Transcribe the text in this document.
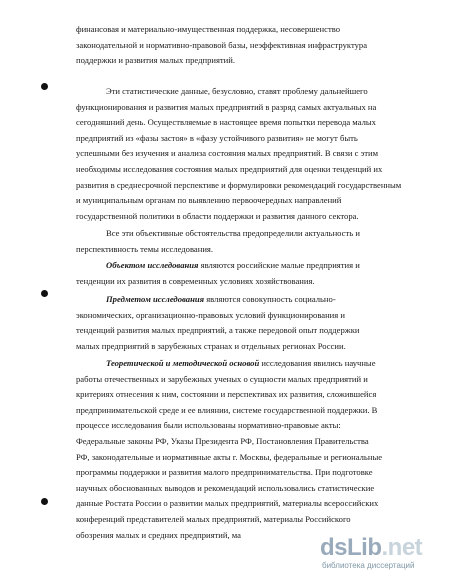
финансовая и материально-имущественная поддержка, несовершенство
законодательной и нормативно-правовой базы, неэффективная инфраструктура
поддержки и развития малых предприятий.
Эти статистические данные, безусловно, ставят проблему дальнейшего
функционирования и развития малых предприятий в разряд самых актуальных на
сегодняшний день. Осуществляемые в настоящее время попытки перевода малых
предприятий из «фазы застоя» в «фазу устойчивого развития» не могут быть
успешными без изучения и анализа состояния малых предприятий. В связи с этим
необходимы исследования состояния малых предприятий для оценки тенденций их
развития в среднесрочной перспективе и формулировки рекомендаций государственным
и муниципальным органам по выявлению первоочередных направлений
государственной политики в области поддержки и развития данного сектора.
Все эти объективные обстоятельства предопределили актуальность и
перспективность темы исследования.
Объектом исследования являются российские малые предприятия и
тенденции их развития в современных условиях хозяйствования.
Предметом исследования являются совокупность социально-
экономических, организационно-правовых условий функционирования и
тенденций развития малых предприятий, а также передовой опыт поддержки
малых предприятий в зарубежных странах и отдельных регионах России.
Теоретической и методической основой исследования явились научные
работы отечественных и зарубежных ученых о сущности малых предприятий и
критериях отнесения к ним, состоянии и перспективах их развития, сложившейся
предпринимательской среде и ее влиянии, системе государственной поддержки. В
процессе исследования были использованы нормативно-правовые акты:
Федеральные законы РФ, Указы Президента РФ, Постановления Правительства
РФ, законодательные и нормативные акты г. Москвы, федеральные и региональные
программы поддержки и развития малого предпринимательства. При подготовке
научных обоснованных выводов и рекомендаций использовались статистические
данные Ростата России о развитии малых предприятий, материалы всероссийских
конференций представителей малых предприятий, материалы Российского
обозрения малых и средних предприятий, ма	dsLib.net
библиотека диссертаций
